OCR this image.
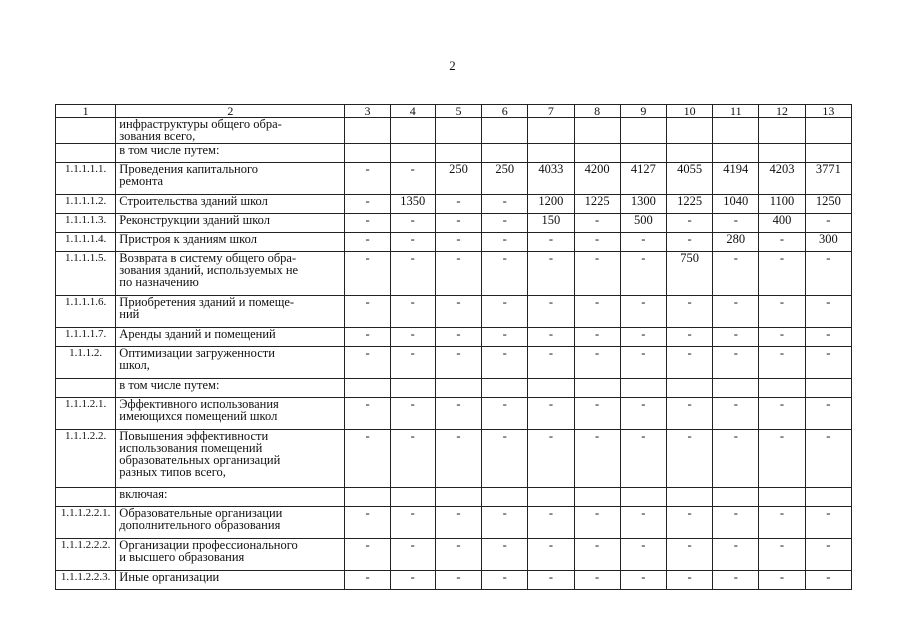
2
1	2	3	4	5	6	7	8	9	10	11	12	13
	инфраструктуры общего обра-
зования всего,											
	в том числе путем:											
1.1.1.1.1.	Проведения капитального
ремонта	-	-	250	250	4033	4200	4127	4055	4194	4203	3771
1.1.1.1.2.	Строительства зданий школ	-	1350	-	-	1200	1225	1300	1225	1040	1100	1250
1.1.1.1.3.	Реконструкции зданий школ	-	-	-	-	150	-	500	-	-	400	-
1.1.1.1.4.	Пристроя к зданиям школ	-	-	-	-	-	-	-	-	280	-	300
1.1.1.1.5.	Возврата в систему общего обра-
зования зданий, используемых не
по назначению	-	-	-	-	-	-	-	750	-	-	-
1.1.1.1.6.	Приобретения зданий и помеще-
ний	-	-	-	-	-	-	-	-	-	-	-
1.1.1.1.7.	Аренды зданий и помещений	-	-	-	-	-	-	-	-	-	-	-
1.1.1.2.	Оптимизации загруженности
школ,	-	-	-	-	-	-	-	-	-	-	-
	в том числе путем:											
1.1.1.2.1.	Эффективного использования
имеющихся помещений школ	-	-	-	-	-	-	-	-	-	-	-
1.1.1.2.2.	Повышения эффективности
использования помещений
образовательных организаций
разных типов всего,	-	-	-	-	-	-	-	-	-	-	-
	включая:											
1.1.1.2.2.1.	Образовательные организации
дополнительного образования	-	-	-	-	-	-	-	-	-	-	-
1.1.1.2.2.2.	Организации профессионального
и высшего образования	-	-	-	-	-	-	-	-	-	-	-
1.1.1.2.2.3.	Иные организации	-	-	-	-	-	-	-	-	-	-	-
